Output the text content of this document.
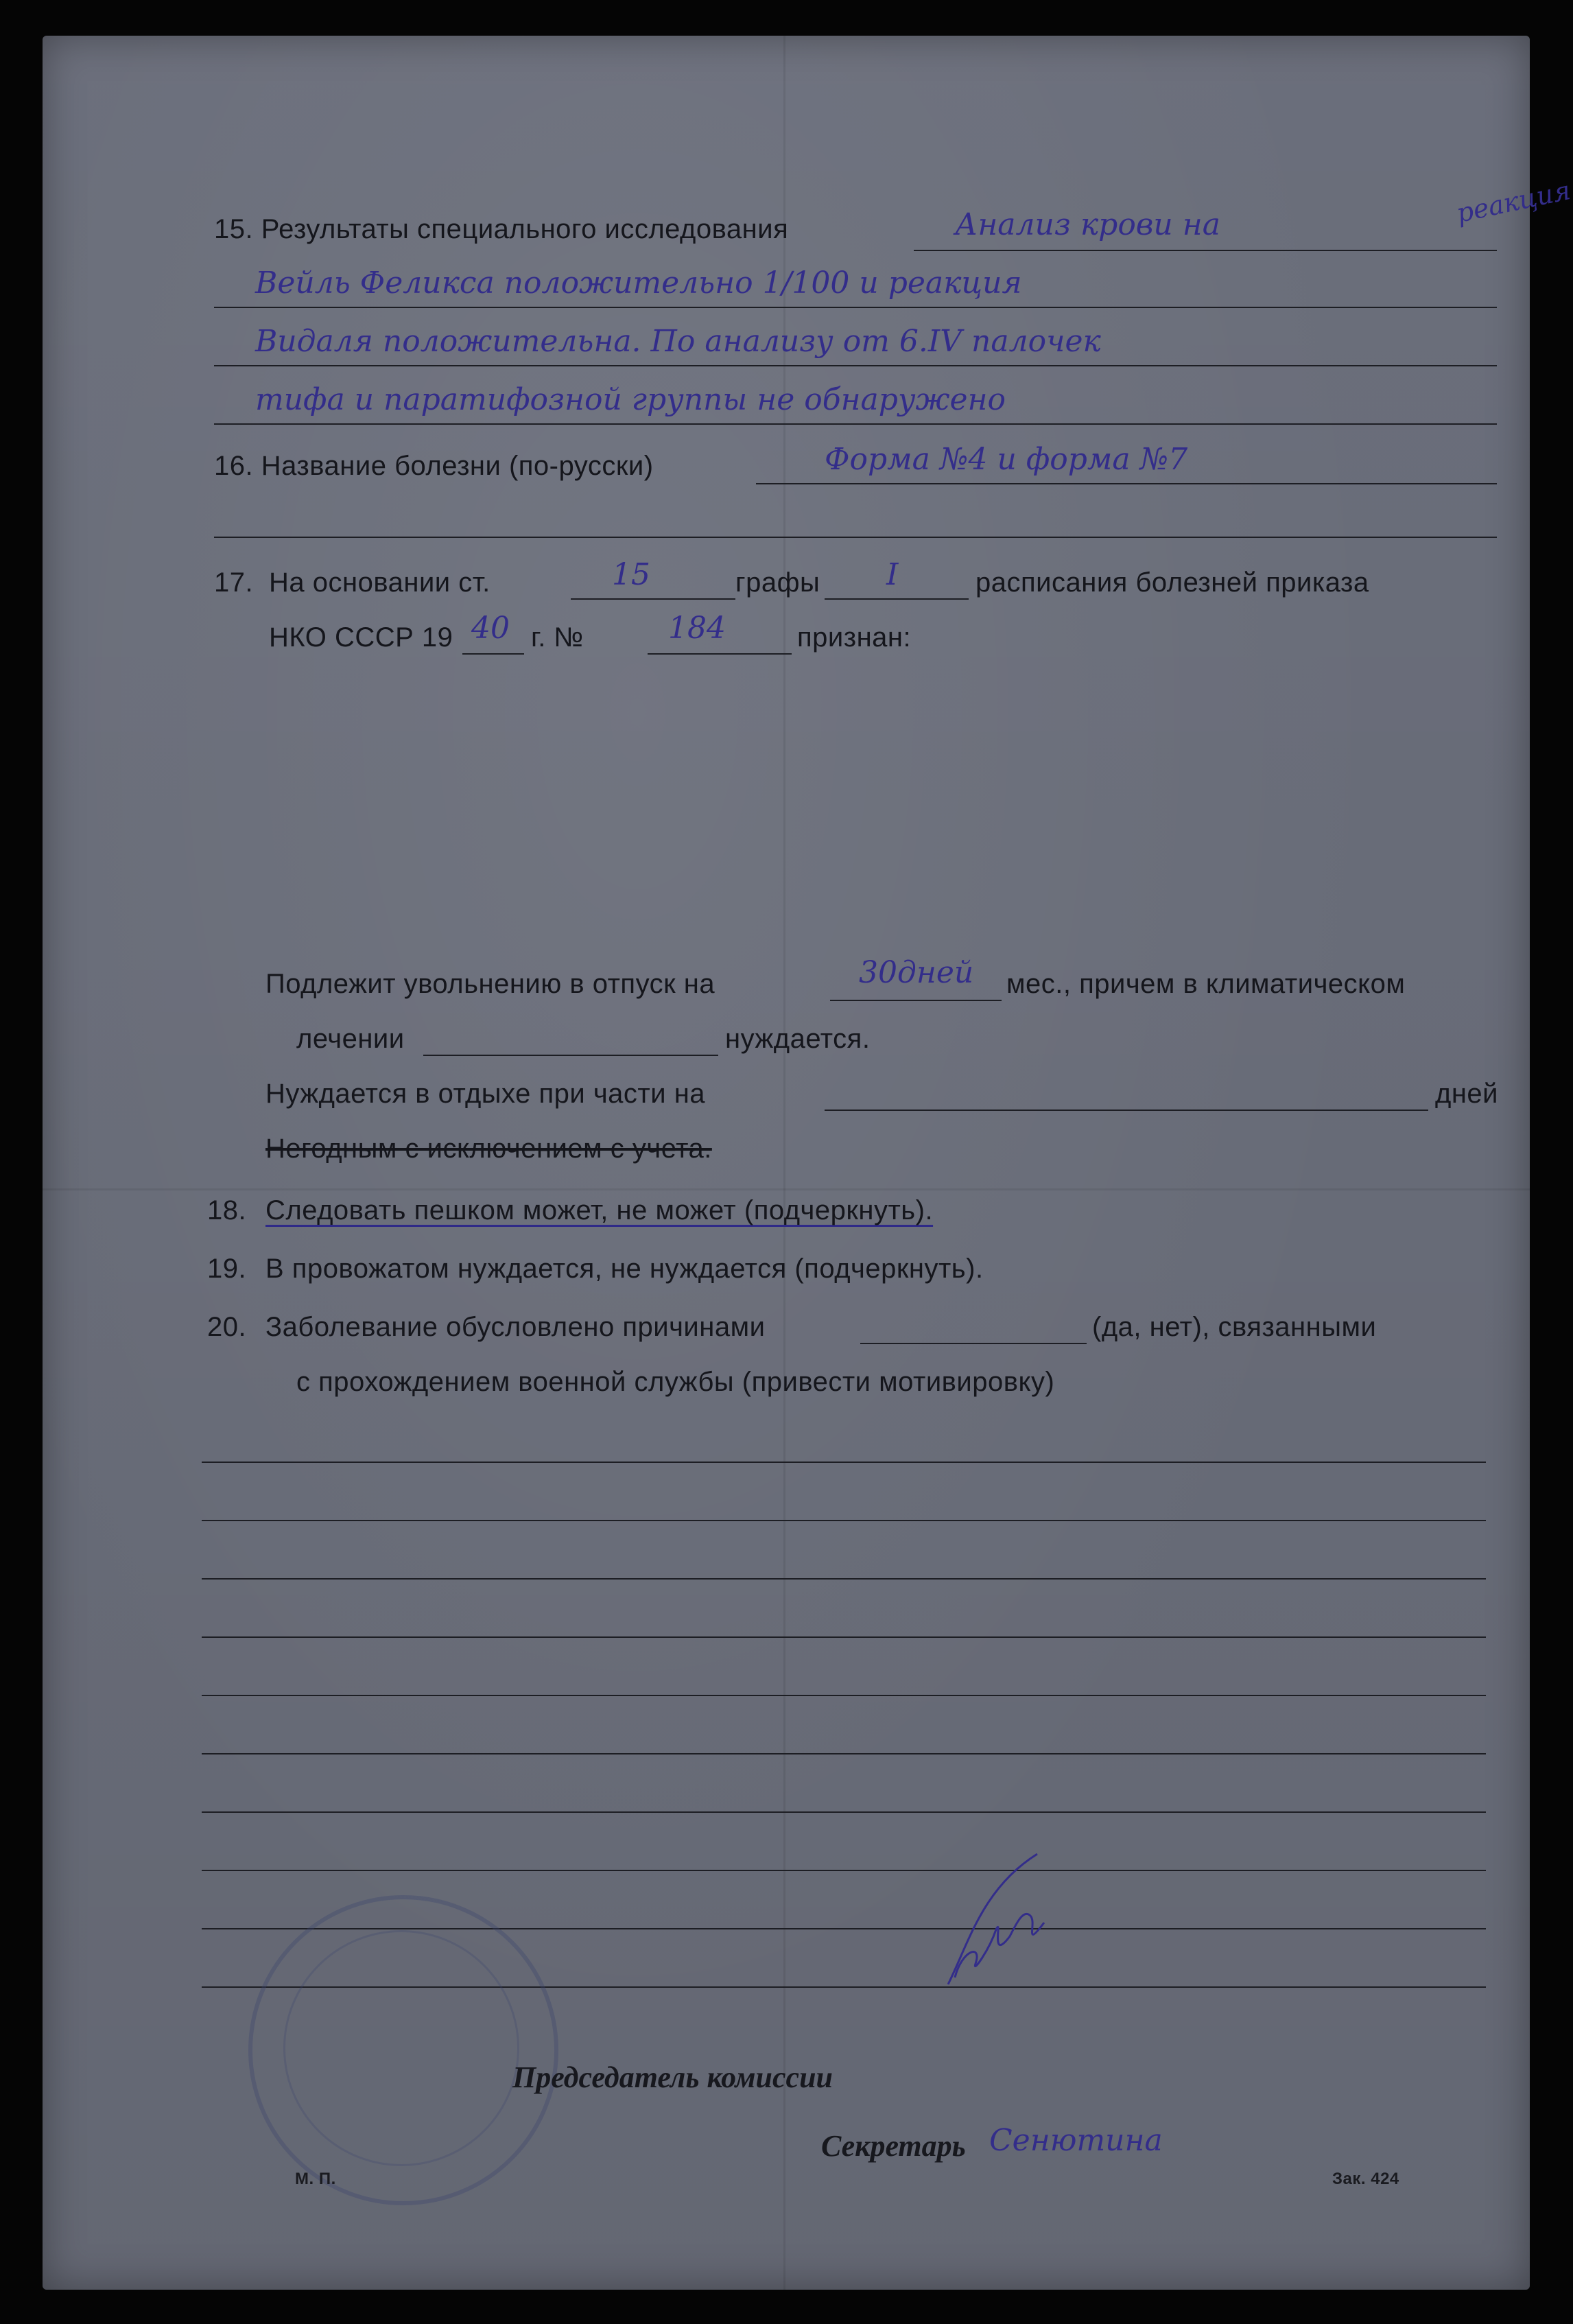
реакция
15. Результаты специального исследования	Анализ крови на
Вейль Феликса положительно 1/100 и реакция
Видаля положительна. По анализу от 6.IV палочек
тифа и паратифозной группы не обнаружено
16. Название болезни (по-русски)	Форма №4 и форма №7
17. На основании ст.	15	графы I	расписания болезней приказа
НКО СССР 19 40 г. №	184	признан:
Подлежит увольнению в отпуск на	30дней мес., причем в климатическом
лечении	нуждается.
Нуждается в отдыхе при части на	дней
Негодным с исключением с учета.
18. Следовать пешком может, не может (подчеркнуть).
19. В провожатом нуждается, не нуждается (подчеркнуть).
20. Заболевание обусловлено причинами	(да, нет), связанными
с прохождением военной службы (привести мотивировку)
Председатель комиссии
Секретарь Сенютина
М. П.	Зак. 424
